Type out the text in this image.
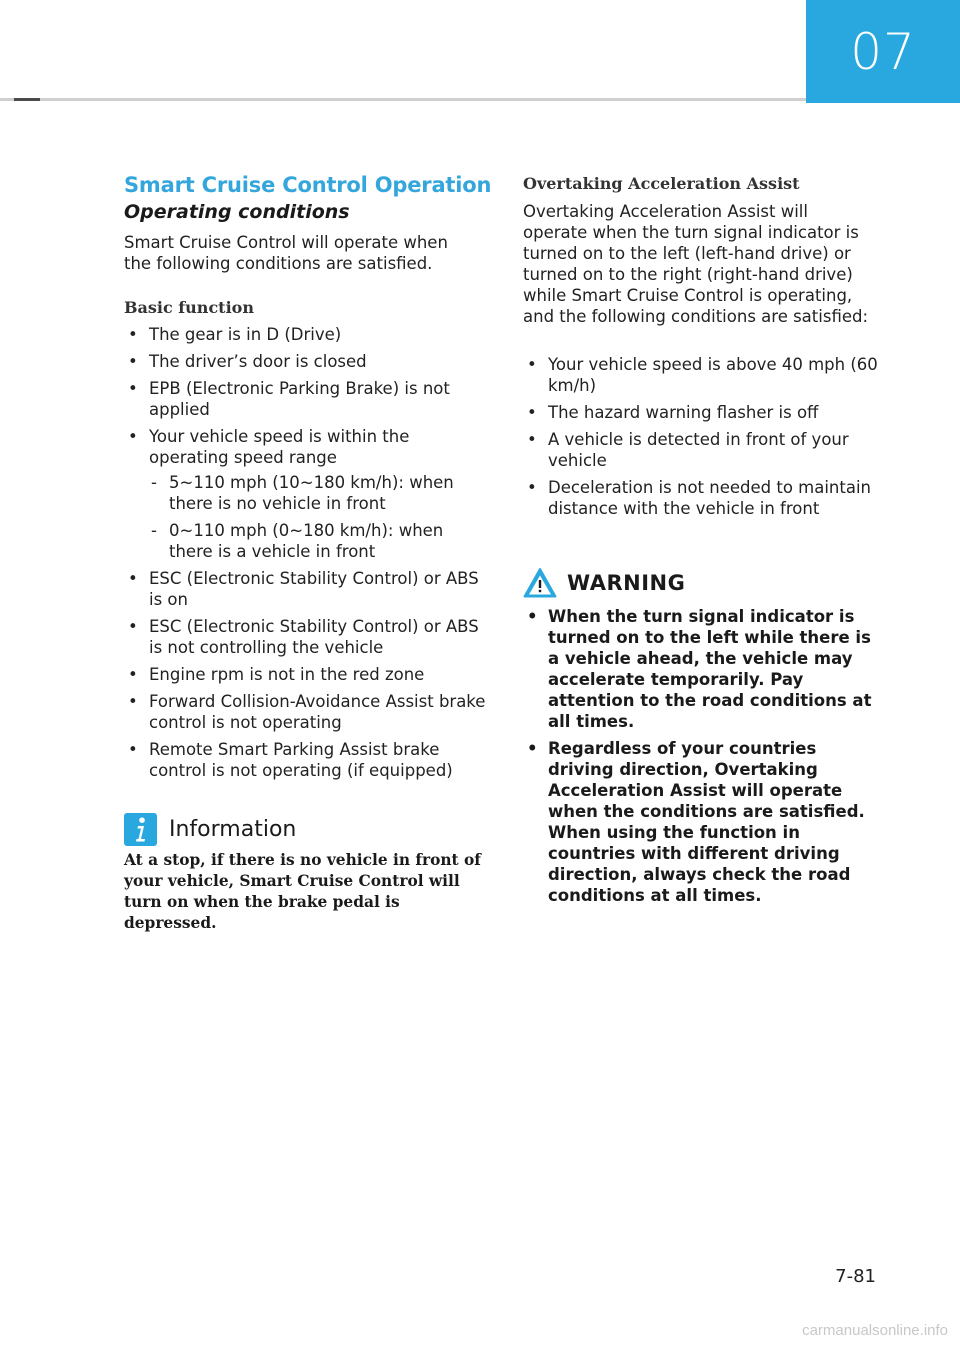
07
Smart Cruise Control Operation
Operating conditions
Smart Cruise Control will operate when the following conditions are satisfied.
Basic function
• The gear is in D (Drive)
• The driver’s door is closed
• EPB (Electronic Parking Brake) is not applied
• Your vehicle speed is within the operating speed range
- 5~110 mph (10~180 km/h): when there is no vehicle in front
- 0~110 mph (0~180 km/h): when there is a vehicle in front
• ESC (Electronic Stability Control) or ABS is on
• ESC (Electronic Stability Control) or ABS is not controlling the vehicle
• Engine rpm is not in the red zone
• Forward Collision-Avoidance Assist brake control is not operating
• Remote Smart Parking Assist brake control is not operating (if equipped)
Information
At a stop, if there is no vehicle in front of your vehicle, Smart Cruise Control will turn on when the brake pedal is depressed.
Overtaking Acceleration Assist
Overtaking Acceleration Assist will operate when the turn signal indicator is turned on to the left (left-hand drive) or turned on to the right (right-hand drive) while Smart Cruise Control is operating, and the following conditions are satisfied:
• Your vehicle speed is above 40 mph (60 km/h)
• The hazard warning flasher is off
• A vehicle is detected in front of your vehicle
• Deceleration is not needed to maintain distance with the vehicle in front
WARNING
• When the turn signal indicator is turned on to the left while there is a vehicle ahead, the vehicle may accelerate temporarily. Pay attention to the road conditions at all times.
• Regardless of your countries driving direction, Overtaking Acceleration Assist will operate when the conditions are satisfied. When using the function in countries with different driving direction, always check the road conditions at all times.
7-81
carmanualsonline.info
